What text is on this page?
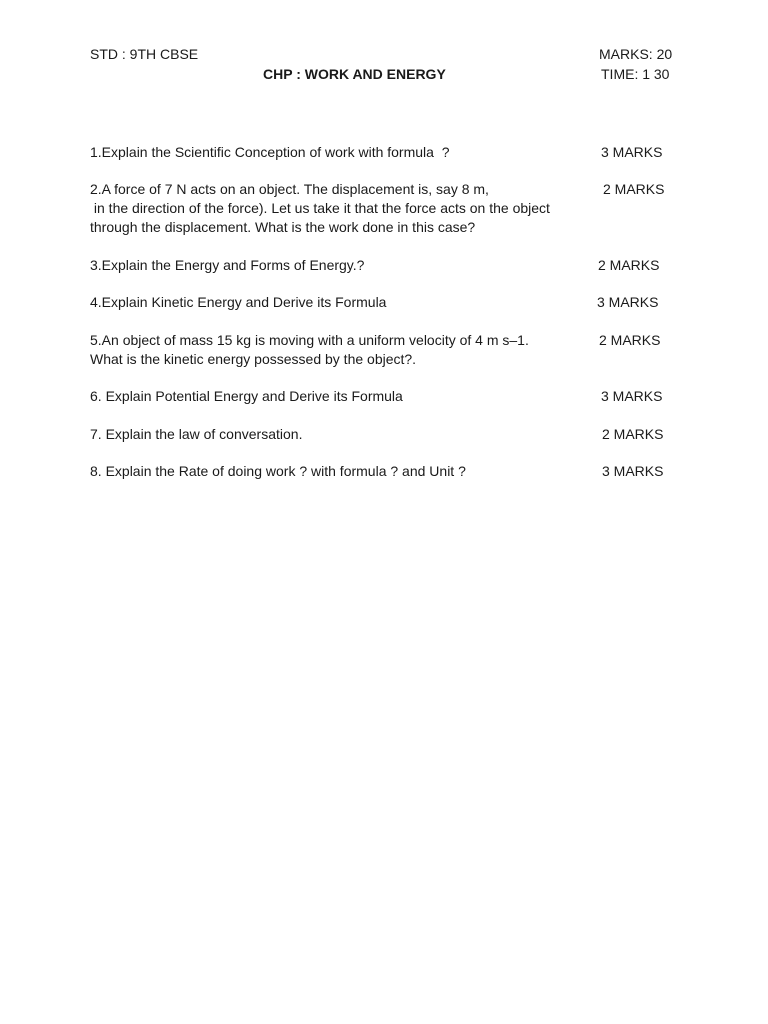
STD : 9TH CBSE	MARKS: 20
CHP : WORK AND ENERGY	TIME: 1 30
1.Explain the Scientific Conception of work with formula  ?	3 MARKS
2.A force of 7 N acts on an object. The displacement is, say 8 m,
in the direction of the force). Let us take it that the force acts on the object
through the displacement. What is the work done in this case?
2 MARKS
3.Explain the Energy and Forms of Energy.?	2 MARKS
4.Explain Kinetic Energy and Derive its Formula	3 MARKS
5.An object of mass 15 kg is moving with a uniform velocity of 4 m s–1.
What is the kinetic energy possessed by the object?.
2 MARKS
6. Explain Potential Energy and Derive its Formula	3 MARKS
7. Explain the law of conversation.	2 MARKS
8. Explain the Rate of doing work ? with formula ? and Unit ?	3 MARKS
